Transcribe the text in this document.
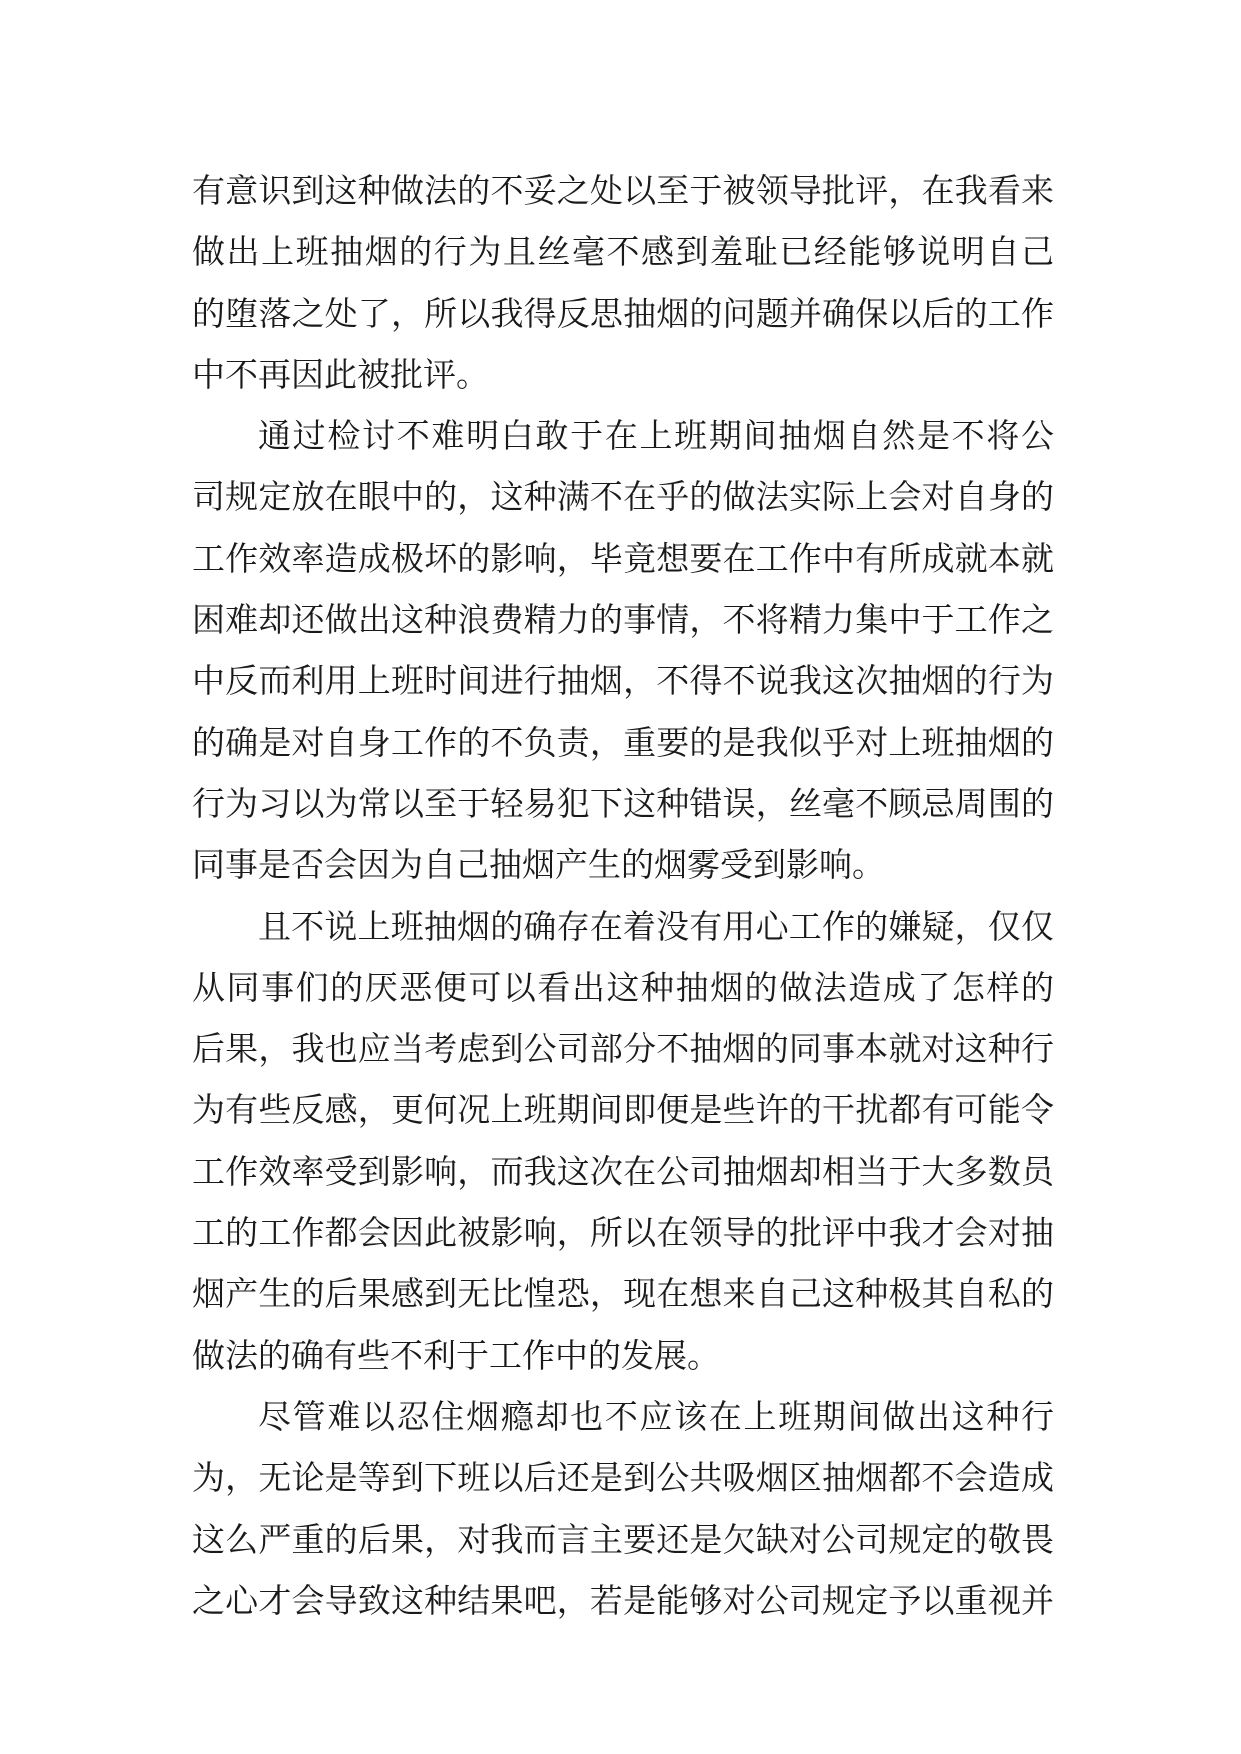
有意识到这种做法的不妥之处以至于被领导批评，在我看来
做出上班抽烟的行为且丝毫不感到羞耻已经能够说明自己
的堕落之处了，所以我得反思抽烟的问题并确保以后的工作
中不再因此被批评。
通过检讨不难明白敢于在上班期间抽烟自然是不将公
司规定放在眼中的，这种满不在乎的做法实际上会对自身的
工作效率造成极坏的影响，毕竟想要在工作中有所成就本就
困难却还做出这种浪费精力的事情，不将精力集中于工作之
中反而利用上班时间进行抽烟，不得不说我这次抽烟的行为
的确是对自身工作的不负责，重要的是我似乎对上班抽烟的
行为习以为常以至于轻易犯下这种错误，丝毫不顾忌周围的
同事是否会因为自己抽烟产生的烟雾受到影响。
且不说上班抽烟的确存在着没有用心工作的嫌疑，仅仅
从同事们的厌恶便可以看出这种抽烟的做法造成了怎样的
后果，我也应当考虑到公司部分不抽烟的同事本就对这种行
为有些反感，更何况上班期间即便是些许的干扰都有可能令
工作效率受到影响，而我这次在公司抽烟却相当于大多数员
工的工作都会因此被影响，所以在领导的批评中我才会对抽
烟产生的后果感到无比惶恐，现在想来自己这种极其自私的
做法的确有些不利于工作中的发展。
尽管难以忍住烟瘾却也不应该在上班期间做出这种行
为，无论是等到下班以后还是到公共吸烟区抽烟都不会造成
这么严重的后果，对我而言主要还是欠缺对公司规定的敬畏
之心才会导致这种结果吧，若是能够对公司规定予以重视并
